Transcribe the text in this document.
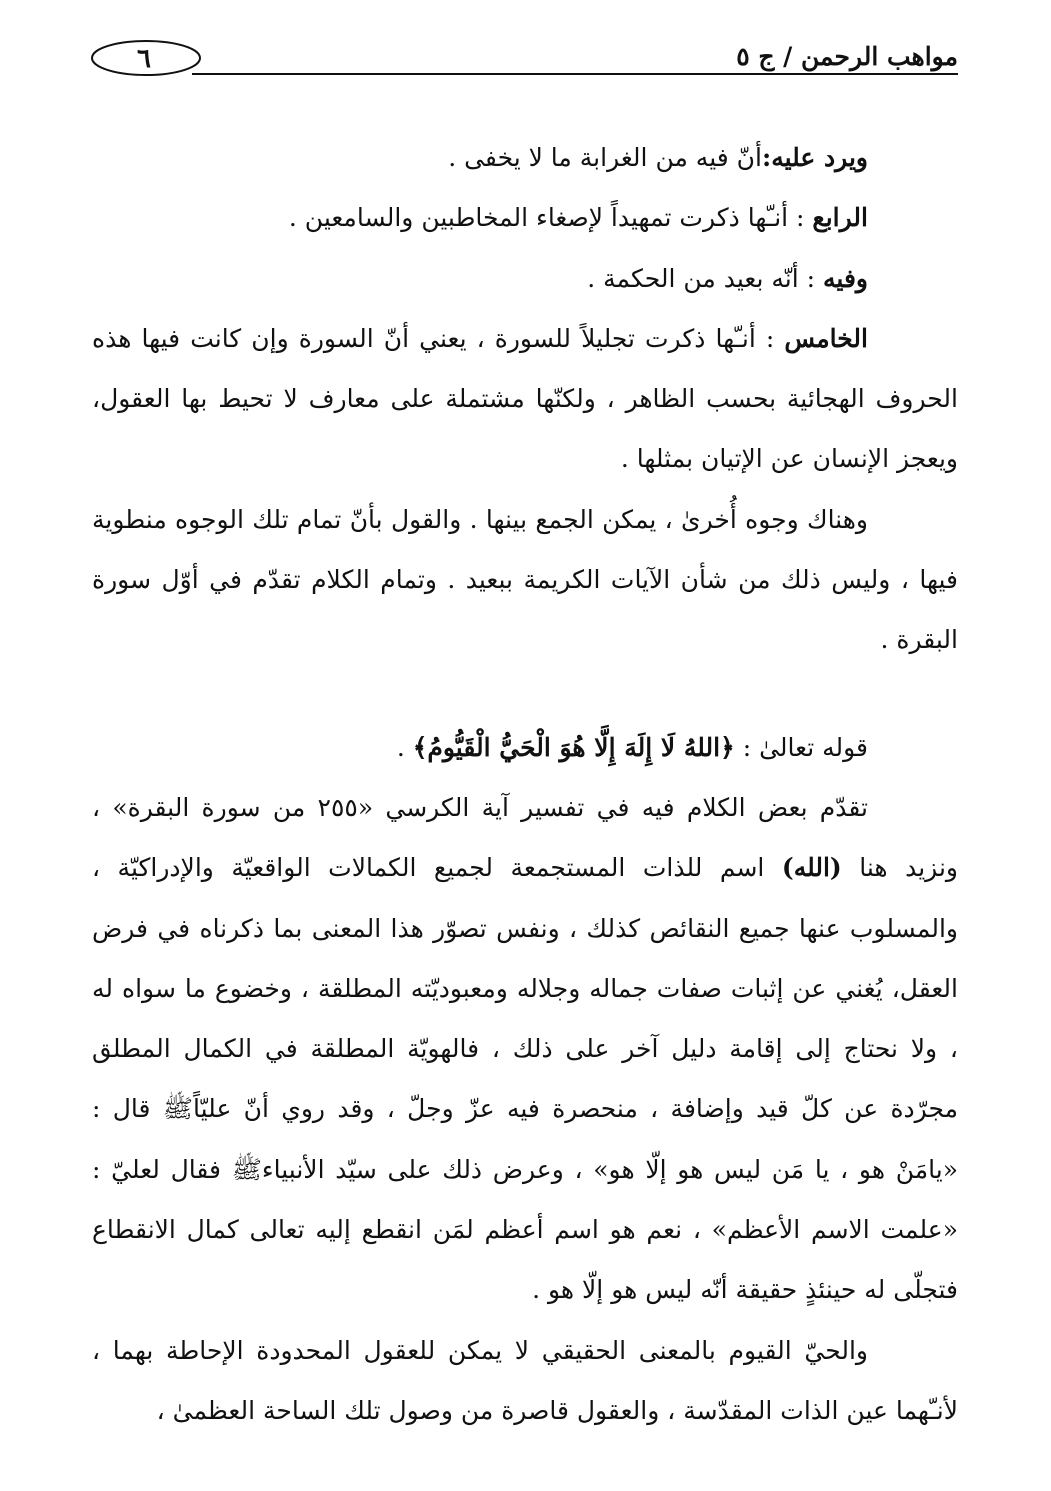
٦	مواهب الرحمن / ج ٥

ويرد عليه:أنّ فيه من الغرابة ما لا يخفى .

الرابع : أنـّها ذكرت تمهيداً لإصغاء المخاطبين والسامعين .

وفيه : أنّه بعيد من الحكمة .

الخامس : أنـّها ذكرت تجليلاً للسورة ، يعني أنّ السورة وإن كانت فيها هذه الحروف الهجائية بحسب الظاهر ، ولكنّها مشتملة على معارف لا تحيط بها العقول، ويعجز الإنسان عن الإتيان بمثلها .

وهناك وجوه أُخرىٰ ، يمكن الجمع بينها . والقول بأنّ تمام تلك الوجوه منطوية فيها ، وليس ذلك من شأن الآيات الكريمة ببعيد . وتمام الكلام تقدّم في أوّل سورة البقرة .

قوله تعالىٰ : ﴿اللهُ لَا إِلَهَ إِلَّا هُوَ الْحَيُّ الْقَيُّومُ﴾ .

تقدّم بعض الكلام فيه في تفسير آية الكرسي «٢٥٥ من سورة البقرة» ، ونزيد هنا (الله) اسم للذات المستجمعة لجميع الكمالات الواقعيّة والإدراكيّة ، والمسلوب عنها جميع النقائص كذلك ، ونفس تصوّر هذا المعنى بما ذكرناه في فرض العقل، يُغني عن إثبات صفات جماله وجلاله ومعبوديّته المطلقة ، وخضوع ما سواه له ، ولا نحتاج إلى إقامة دليل آخر على ذلك ، فالهويّة المطلقة في الكمال المطلق مجرّدة عن كلّ قيد وإضافة ، منحصرة فيه عزّ وجلّ ، وقد روي أنّ عليّاًﷺ قال : «يامَنْ هو ، يا مَن ليس هو إلّا هو» ، وعرض ذلك على سيّد الأنبياءﷺ فقال لعليّ : «علمت الاسم الأعظم» ، نعم هو اسم أعظم لمَن انقطع إليه تعالى كمال الانقطاع فتجلّى له حينئذٍ حقيقة أنّه ليس هو إلّا هو .

والحيّ القيوم بالمعنى الحقيقي لا يمكن للعقول المحدودة الإحاطة بهما ، لأنـّهما عين الذات المقدّسة ، والعقول قاصرة من وصول تلك الساحة العظمىٰ ،
